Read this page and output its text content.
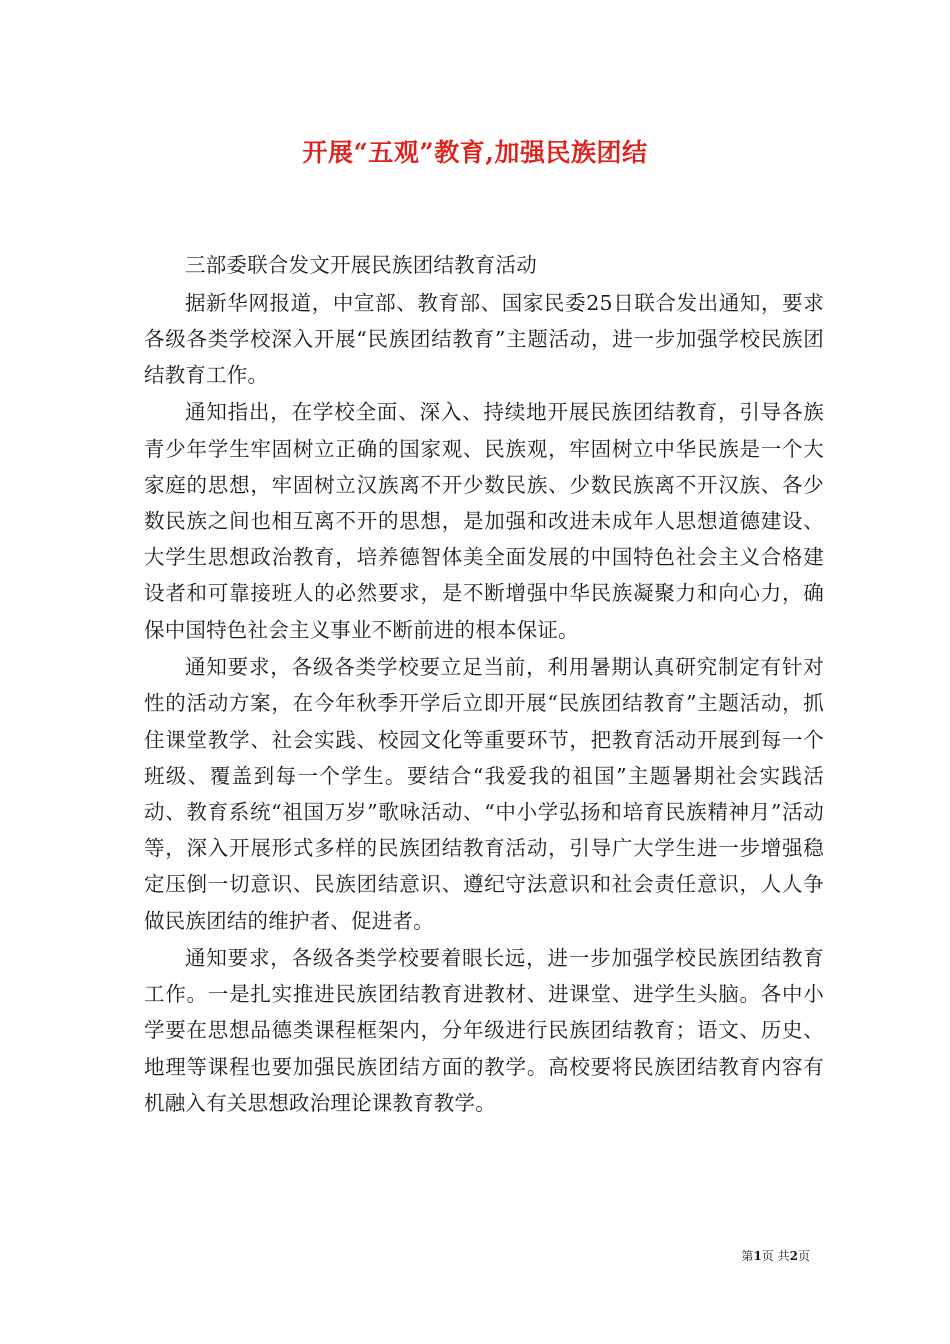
开展“五观”教育,加强民族团结

三部委联合发文开展民族团结教育活动

据新华网报道，中宣部、教育部、国家民委25日联合发出通知，要求各级各类学校深入开展“民族团结教育”主题活动，进一步加强学校民族团结教育工作。

通知指出，在学校全面、深入、持续地开展民族团结教育，引导各族青少年学生牢固树立正确的国家观、民族观，牢固树立中华民族是一个大家庭的思想，牢固树立汉族离不开少数民族、少数民族离不开汉族、各少数民族之间也相互离不开的思想，是加强和改进未成年人思想道德建设、大学生思想政治教育，培养德智体美全面发展的中国特色社会主义合格建设者和可靠接班人的必然要求，是不断增强中华民族凝聚力和向心力，确保中国特色社会主义事业不断前进的根本保证。

通知要求，各级各类学校要立足当前，利用暑期认真研究制定有针对性的活动方案，在今年秋季开学后立即开展“民族团结教育”主题活动，抓住课堂教学、社会实践、校园文化等重要环节，把教育活动开展到每一个班级、覆盖到每一个学生。要结合“我爱我的祖国”主题暑期社会实践活动、教育系统“祖国万岁”歌咏活动、“中小学弘扬和培育民族精神月”活动等，深入开展形式多样的民族团结教育活动，引导广大学生进一步增强稳定压倒一切意识、民族团结意识、遵纪守法意识和社会责任意识，人人争做民族团结的维护者、促进者。

通知要求，各级各类学校要着眼长远，进一步加强学校民族团结教育工作。一是扎实推进民族团结教育进教材、进课堂、进学生头脑。各中小学要在思想品德类课程框架内，分年级进行民族团结教育；语文、历史、地理等课程也要加强民族团结方面的教学。高校要将民族团结教育内容有机融入有关思想政治理论课教育教学。

第1页 共2页
